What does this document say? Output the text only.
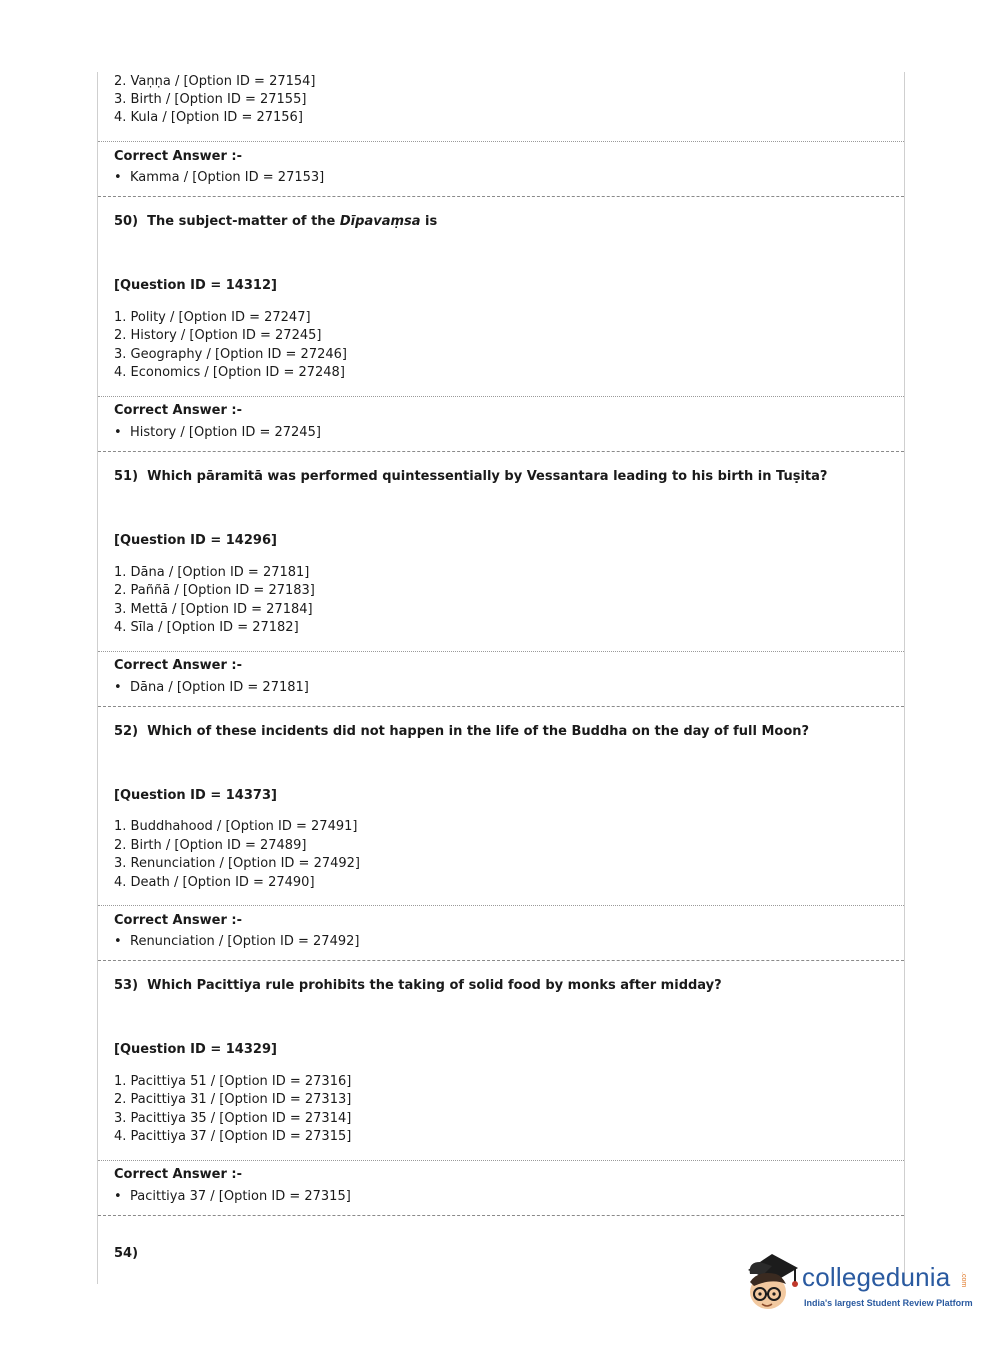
2. Vaṇṇa / [Option ID = 27154]
3. Birth / [Option ID = 27155]
4. Kula / [Option ID = 27156]
Correct Answer :-
• Kamma / [Option ID = 27153]
50) The subject-matter of the Dīpavaṃsa is
[Question ID = 14312]
1. Polity / [Option ID = 27247]
2. History / [Option ID = 27245]
3. Geography / [Option ID = 27246]
4. Economics / [Option ID = 27248]
Correct Answer :-
• History / [Option ID = 27245]
51) Which pāramitā was performed quintessentially by Vessantara leading to his birth in Tuṣita?
[Question ID = 14296]
1. Dāna / [Option ID = 27181]
2. Paññā / [Option ID = 27183]
3. Mettā / [Option ID = 27184]
4. Sīla / [Option ID = 27182]
Correct Answer :-
• Dāna / [Option ID = 27181]
52) Which of these incidents did not happen in the life of the Buddha on the day of full Moon?
[Question ID = 14373]
1. Buddhahood / [Option ID = 27491]
2. Birth / [Option ID = 27489]
3. Renunciation / [Option ID = 27492]
4. Death / [Option ID = 27490]
Correct Answer :-
• Renunciation / [Option ID = 27492]
53) Which Pacittiya rule prohibits the taking of solid food by monks after midday?
[Question ID = 14329]
1. Pacittiya 51 / [Option ID = 27316]
2. Pacittiya 31 / [Option ID = 27313]
3. Pacittiya 35 / [Option ID = 27314]
4. Pacittiya 37 / [Option ID = 27315]
Correct Answer :-
• Pacittiya 37 / [Option ID = 27315]
54)
collegedunia .com
India's largest Student Review Platform
